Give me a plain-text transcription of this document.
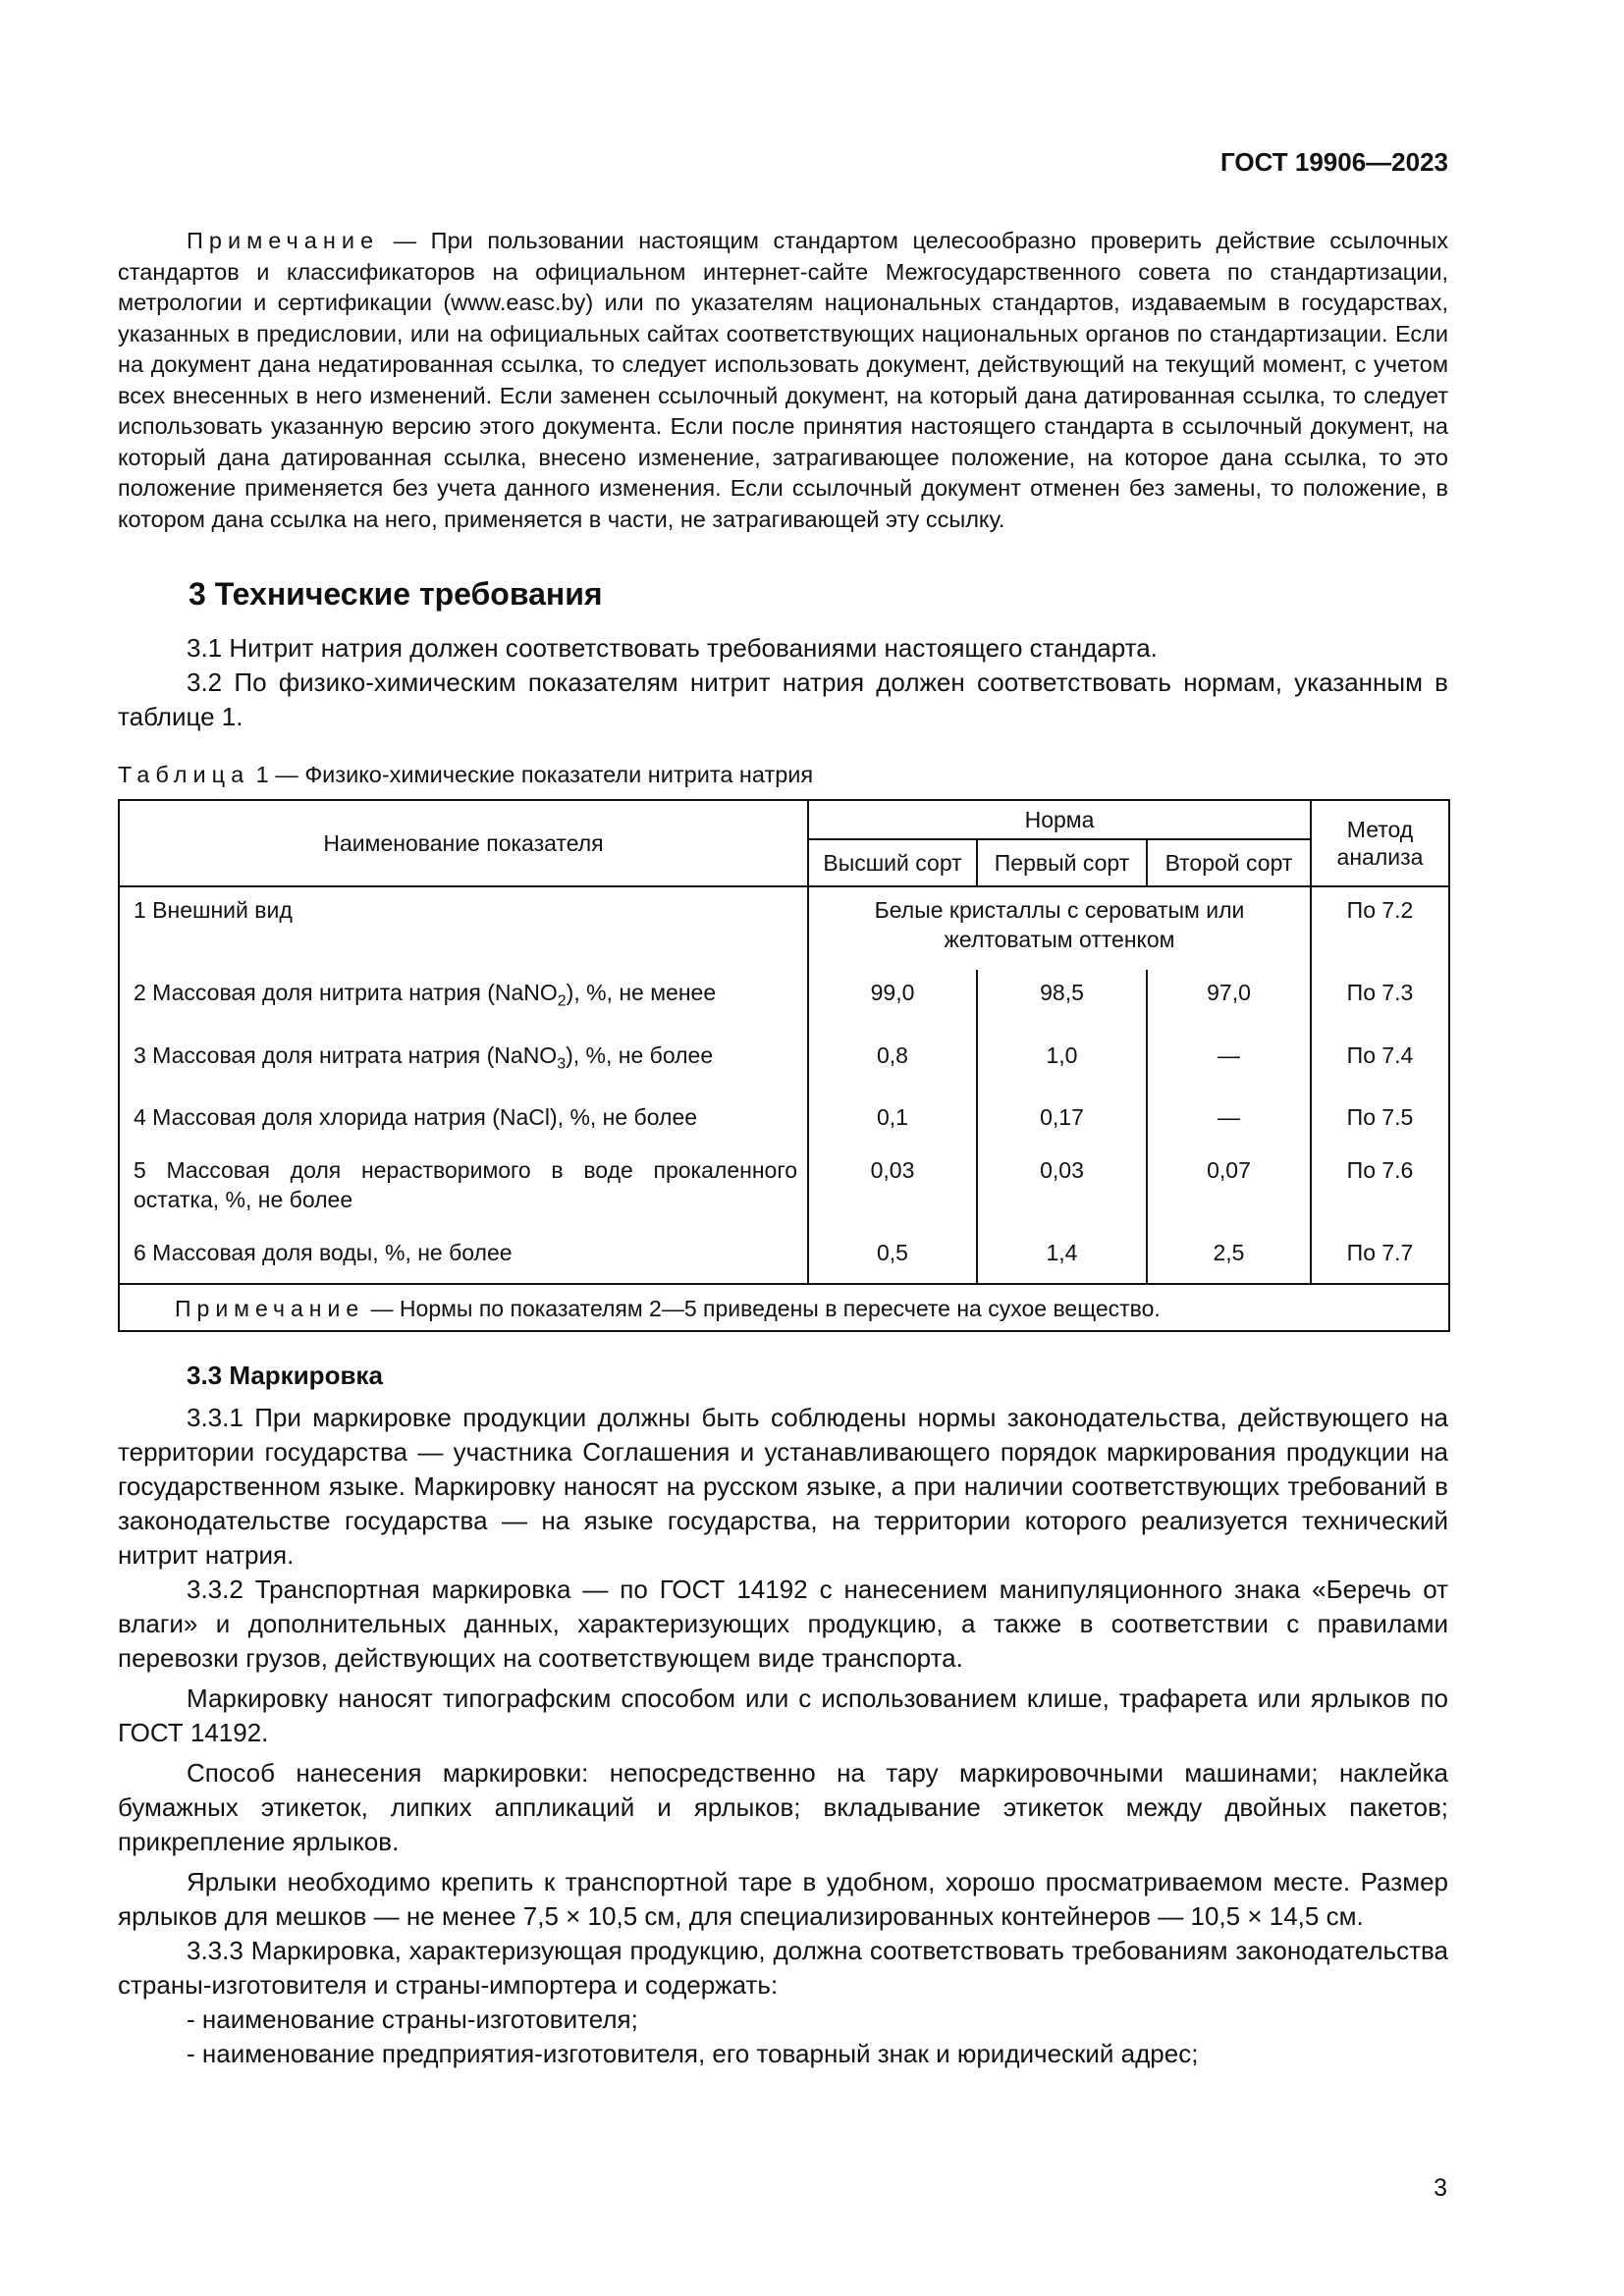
ГОСТ 19906—2023

Примечание — При пользовании настоящим стандартом целесообразно проверить действие ссылочных стандартов и классификаторов на официальном интернет-сайте Межгосударственного совета по стандартизации, метрологии и сертификации (www.easc.by) или по указателям национальных стандартов, издаваемым в государствах, указанных в предисловии, или на официальных сайтах соответствующих национальных органов по стандартизации. Если на документ дана недатированная ссылка, то следует использовать документ, действующий на текущий момент, с учетом всех внесенных в него изменений. Если заменен ссылочный документ, на который дана датированная ссылка, то следует использовать указанную версию этого документа. Если после принятия настоящего стандарта в ссылочный документ, на который дана датированная ссылка, внесено изменение, затрагивающее положение, на которое дана ссылка, то это положение применяется без учета данного изменения. Если ссылочный документ отменен без замены, то положение, в котором дана ссылка на него, применяется в части, не затрагивающей эту ссылку.

3 Технические требования

3.1 Нитрит натрия должен соответствовать требованиями настоящего стандарта.

3.2 По физико-химическим показателям нитрит натрия должен соответствовать нормам, указанным в таблице 1.

Таблица 1 — Физико-химические показатели нитрита натрия
Наименование показателя	Норма			Метод анализа
	Высший сорт	Первый сорт	Второй сорт	
1 Внешний вид	Белые кристаллы с сероватым или желтоватым оттенком			По 7.2
2 Массовая доля нитрита натрия (NaNO$_2$), %, не менее	99,0	98,5	97,0	По 7.3
3 Массовая доля нитрата натрия (NaNO$_3$), %, не более	0,8	1,0	—	По 7.4
4 Массовая доля хлорида натрия (NaCl), %, не более	0,1	0,17	—	По 7.5
5 Массовая доля нерастворимого в воде прокаленного остатка, %, не более	0,03	0,03	0,07	По 7.6
6 Массовая доля воды, %, не более	0,5	1,4	2,5	По 7.7
Примечание — Нормы по показателям 2—5 приведены в пересчете на сухое вещество.				
3.3 Маркировка

3.3.1 При маркировке продукции должны быть соблюдены нормы законодательства, действующего на территории государства — участника Соглашения и устанавливающего порядок маркирования продукции на государственном языке. Маркировку наносят на русском языке, а при наличии соответствующих требований в законодательстве государства — на языке государства, на территории которого реализуется технический нитрит натрия.

3.3.2 Транспортная маркировка — по ГОСТ 14192 с нанесением манипуляционного знака «Беречь от влаги» и дополнительных данных, характеризующих продукцию, а также в соответствии с правилами перевозки грузов, действующих на соответствующем виде транспорта.

Маркировку наносят типографским способом или с использованием клише, трафарета или ярлыков по ГОСТ 14192.

Способ нанесения маркировки: непосредственно на тару маркировочными машинами; наклейка бумажных этикеток, липких аппликаций и ярлыков; вкладывание этикеток между двойных пакетов; прикрепление ярлыков.

Ярлыки необходимо крепить к транспортной таре в удобном, хорошо просматриваемом месте. Размер ярлыков для мешков — не менее 7,5 × 10,5 см, для специализированных контейнеров — 10,5 × 14,5 см.

3.3.3 Маркировка, характеризующая продукцию, должна соответствовать требованиям законодательства страны-изготовителя и страны-импортера и содержать:

- наименование страны-изготовителя;
- наименование предприятия-изготовителя, его товарный знак и юридический адрес;
3
